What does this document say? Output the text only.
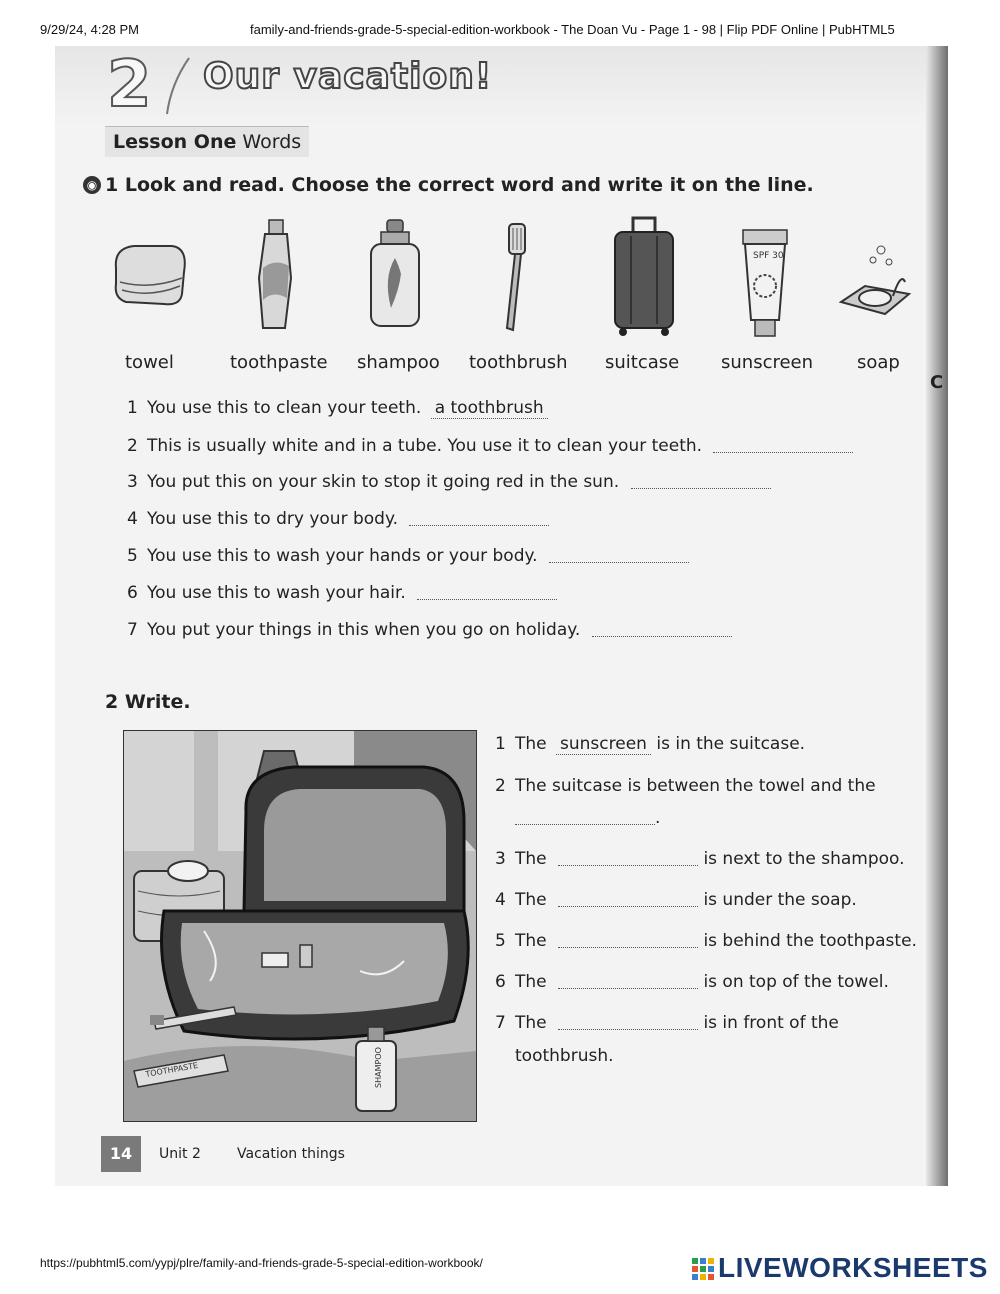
9/29/24, 4:28 PM	family-and-friends-grade-5-special-edition-workbook - The Doan Vu - Page 1 - 98 | Flip PDF Online | PubHTML5
2 Our vacation!
Lesson One Words
◉ 1 Look and read. Choose the correct word and write it on the line.
SPF 30
towel	toothpaste shampoo toothbrush suitcase sunscreen soap
1 You use this to clean your teeth. a toothbrush
2 This is usually white and in a tube. You use it to clean your teeth.
3 You put this on your skin to stop it going red in the sun.
4 You use this to dry your body.
5 You use this to wash your hands or your body.
6 You use this to wash your hair.
7 You put your things in this when you go on holiday.
2 Write.
SHAMPOO
TOOTHPASTE
1 The sunscreen is in the suitcase.
2 The suitcase is between the towel and the
.
3 The	is next to the shampoo.
4 The	is under the soap.
5 The	is behind the toothpaste.
6 The	is on top of the towel.
7 The	is in front of the
toothbrush.
14	Unit 2	Vacation things
C
https://pubhtml5.com/yypj/plre/family-and-friends-grade-5-special-edition-workbook/	LIVEWORKSHEETS
